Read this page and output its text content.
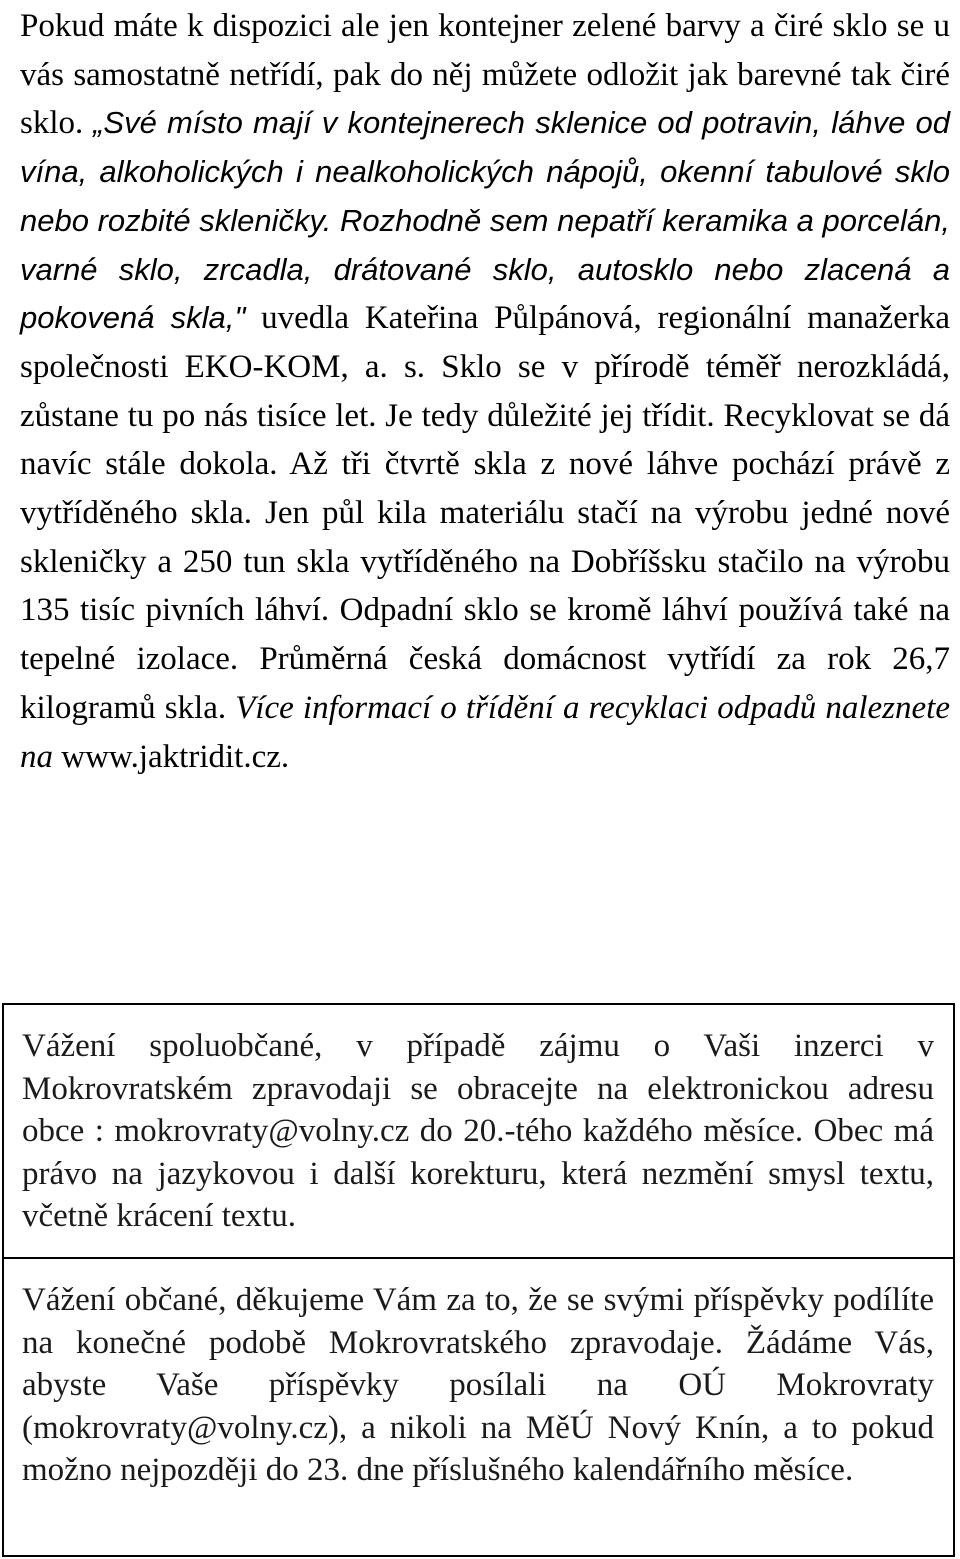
Pokud máte k dispozici ale jen kontejner zelené barvy a čiré sklo se u vás samostatně netřídí, pak do něj můžete odložit jak barevné tak čiré sklo. „Své místo mají v kontejnerech sklenice od potravin, láhve od vína, alkoholických i nealkoholických nápojů, okenní tabulové sklo nebo rozbité skleničky. Rozhodně sem nepatří keramika a porcelán, varné sklo, zrcadla, drátované sklo, autosklo nebo zlacená a pokovená skla," uvedla Kateřina Půlpánová, regionální manažerka společnosti EKO-KOM, a. s. Sklo se v přírodě téměř nerozkládá, zůstane tu po nás tisíce let. Je tedy důležité jej třídit. Recyklovat se dá navíc stále dokola. Až tři čtvrtě skla z nové láhve pochází právě z vytříděného skla. Jen půl kila materiálu stačí na výrobu jedné nové skleničky a 250 tun skla vytříděného na Dobříšsku stačilo na výrobu 135 tisíc pivních láhví. Odpadní sklo se kromě láhví používá také na tepelné izolace. Průměrná česká domácnost vytřídí za rok 26,7 kilogramů skla. Více informací o třídění a recyklaci odpadů naleznete na www.jaktridit.cz.

Vážení spoluobčané, v případě zájmu o Vaši inzerci v Mokrovratském zpravodaji se obracejte na elektronickou adresu obce : mokrovraty@volny.cz do 20.-tého každého měsíce. Obec má právo na jazykovou i další korekturu, která nezmění smysl textu, včetně krácení textu.

Vážení občané, děkujeme Vám za to, že se svými příspěvky podílíte na konečné podobě Mokrovratského zpravodaje. Žádáme Vás, abyste Vaše příspěvky posílali na OÚ Mokrovraty (mokrovraty@volny.cz), a nikoli na MěÚ Nový Knín, a to pokud možno nejpozději do 23. dne příslušného kalendářního měsíce.
